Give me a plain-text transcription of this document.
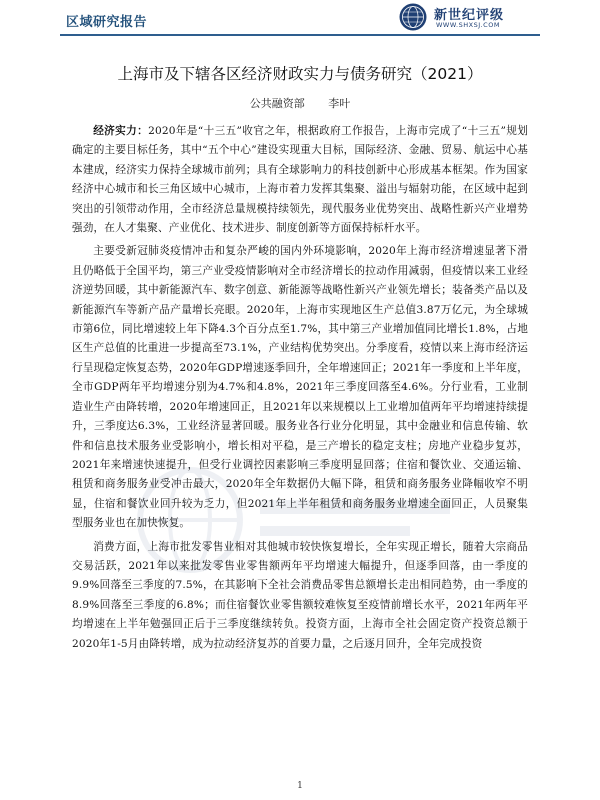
区域研究报告	新世纪评级
WWW.SHXSJ.COM
上海市及下辖各区经济财政实力与债务研究（2021）
公共融资部 李叶

经济实力：2020年是“十三五”收官之年，根据政府工作报告，上海市完成了“十三五”规划确定的主要目标任务，其中“五个中心”建设实现重大目标，国际经济、金融、贸易、航运中心基本建成，经济实力保持全球城市前列；具有全球影响力的科技创新中心形成基本框架。作为国家经济中心城市和长三角区域中心城市，上海市着力发挥其集聚、溢出与辐射功能，在区域中起到突出的引领带动作用，全市经济总量规模持续领先，现代服务业优势突出、战略性新兴产业增势强劲，在人才集聚、产业优化、技术进步、制度创新等方面保持标杆水平。

主要受新冠肺炎疫情冲击和复杂严峻的国内外环境影响，2020年上海市经济增速显著下滑且仍略低于全国平均，第三产业受疫情影响对全市经济增长的拉动作用减弱，但疫情以来工业经济逆势回暖，其中新能源汽车、数字创意、新能源等战略性新兴产业领先增长；装备类产品以及新能源汽车等新产品产量增长亮眼。2020年，上海市实现地区生产总值3.87万亿元，为全球城市第6位，同比增速较上年下降4.3个百分点至1.7%，其中第三产业增加值同比增长1.8%，占地区生产总值的比重进一步提高至73.1%，产业结构优势突出。分季度看，疫情以来上海市经济运行呈现稳定恢复态势，2020年GDP增速逐季回升，全年增速回正；2021年一季度和上半年度，全市GDP两年平均增速分别为4.7%和4.8%，2021年三季度回落至4.6%。分行业看，工业制造业生产由降转增，2020年增速回正，且2021年以来规模以上工业增加值两年平均增速持续提升，三季度达6.3%，工业经济显著回暖。服务业各行业分化明显，其中金融业和信息传输、软件和信息技术服务业受影响小，增长相对平稳，是三产增长的稳定支柱；房地产业稳步复苏，2021年来增速快速提升，但受行业调控因素影响三季度明显回落；住宿和餐饮业、交通运输、租赁和商务服务业受冲击最大，2020年全年数据仍大幅下降，租赁和商务服务业降幅收窄不明显，住宿和餐饮业回升较为乏力，但2021年上半年租赁和商务服务业增速全面回正，人员聚集型服务业也在加快恢复。

消费方面，上海市批发零售业相对其他城市较快恢复增长，全年实现正增长，随着大宗商品交易活跃，2021年以来批发零售业零售额两年平均增速大幅提升，但逐季回落，由一季度的9.9%回落至三季度的7.5%，在其影响下全社会消费品零售总额增长走出相同趋势，由一季度的8.9%回落至三季度的6.8%；而住宿餐饮业零售额较难恢复至疫情前增长水平，2021年两年平均增速在上半年勉强回正后于三季度继续转负。投资方面，上海市全社会固定资产投资总额于2020年1-5月由降转增，成为拉动经济复苏的首要力量，之后逐月回升，全年完成投资

1
